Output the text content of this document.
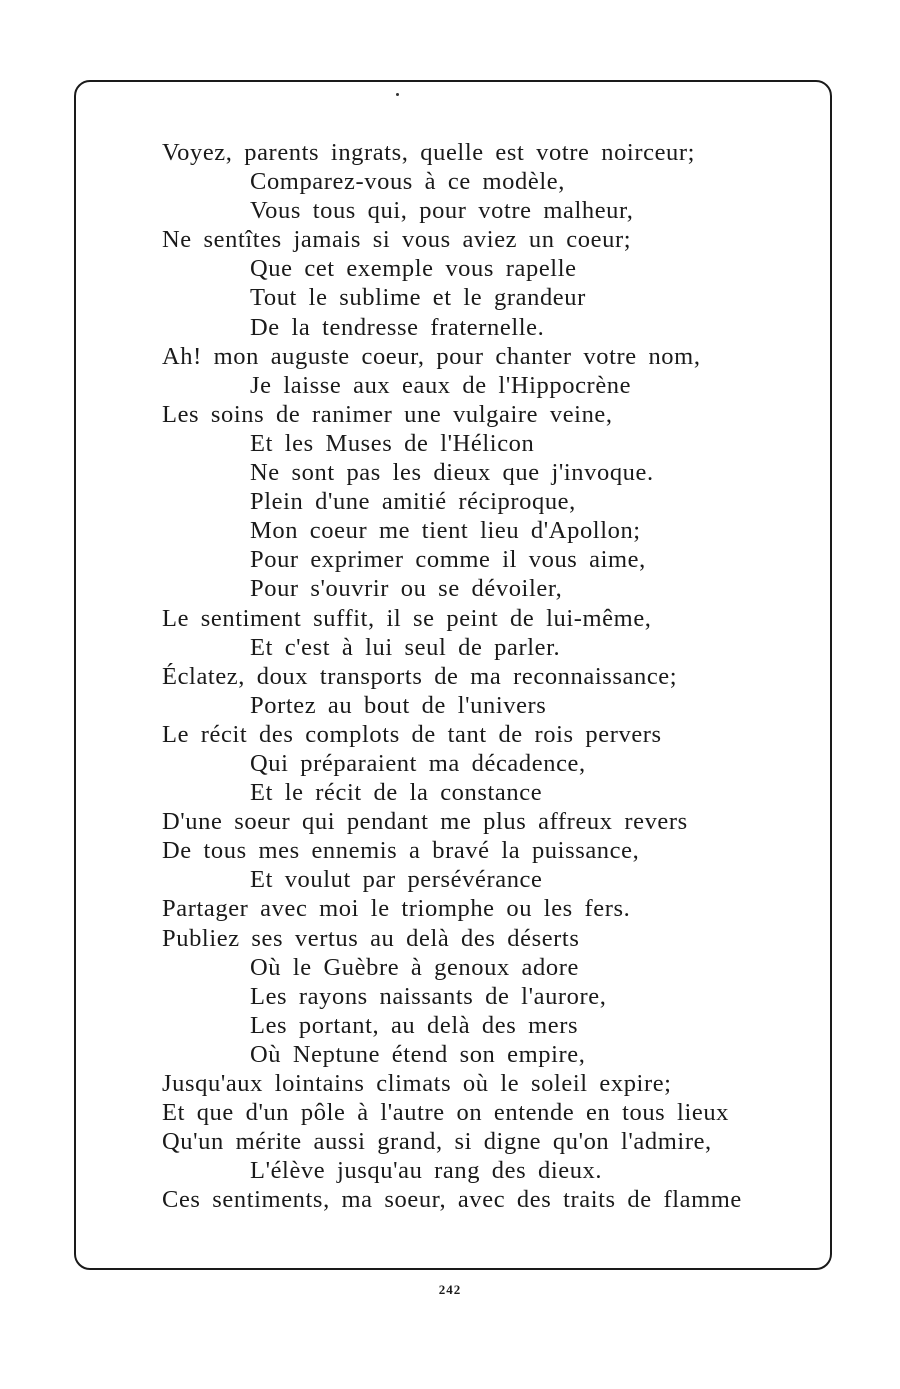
Voyez, parents ingrats, quelle est votre noirceur;
Comparez-vous à ce modèle,
Vous tous qui, pour votre malheur,
Ne sentîtes jamais si vous aviez un coeur;
Que cet exemple vous rapelle
Tout le sublime et le grandeur
De la tendresse fraternelle.
Ah! mon auguste coeur, pour chanter votre nom,
Je laisse aux eaux de l'Hippocrène
Les soins de ranimer une vulgaire veine,
Et les Muses de l'Hélicon
Ne sont pas les dieux que j'invoque.
Plein d'une amitié réciproque,
Mon coeur me tient lieu d'Apollon;
Pour exprimer comme il vous aime,
Pour s'ouvrir ou se dévoiler,
Le sentiment suffit, il se peint de lui-même,
Et c'est à lui seul de parler.
Éclatez, doux transports de ma reconnaissance;
Portez au bout de l'univers
Le récit des complots de tant de rois pervers
Qui préparaient ma décadence,
Et le récit de la constance
D'une soeur qui pendant me plus affreux revers
De tous mes ennemis a bravé la puissance,
Et voulut par persévérance
Partager avec moi le triomphe ou les fers.
Publiez ses vertus au delà des déserts
Où le Guèbre à genoux adore
Les rayons naissants de l'aurore,
Les portant, au delà des mers
Où Neptune étend son empire,
Jusqu'aux lointains climats où le soleil expire;
Et que d'un pôle à l'autre on entende en tous lieux
Qu'un mérite aussi grand, si digne qu'on l'admire,
L'élève jusqu'au rang des dieux.
Ces sentiments, ma soeur, avec des traits de flamme
242
